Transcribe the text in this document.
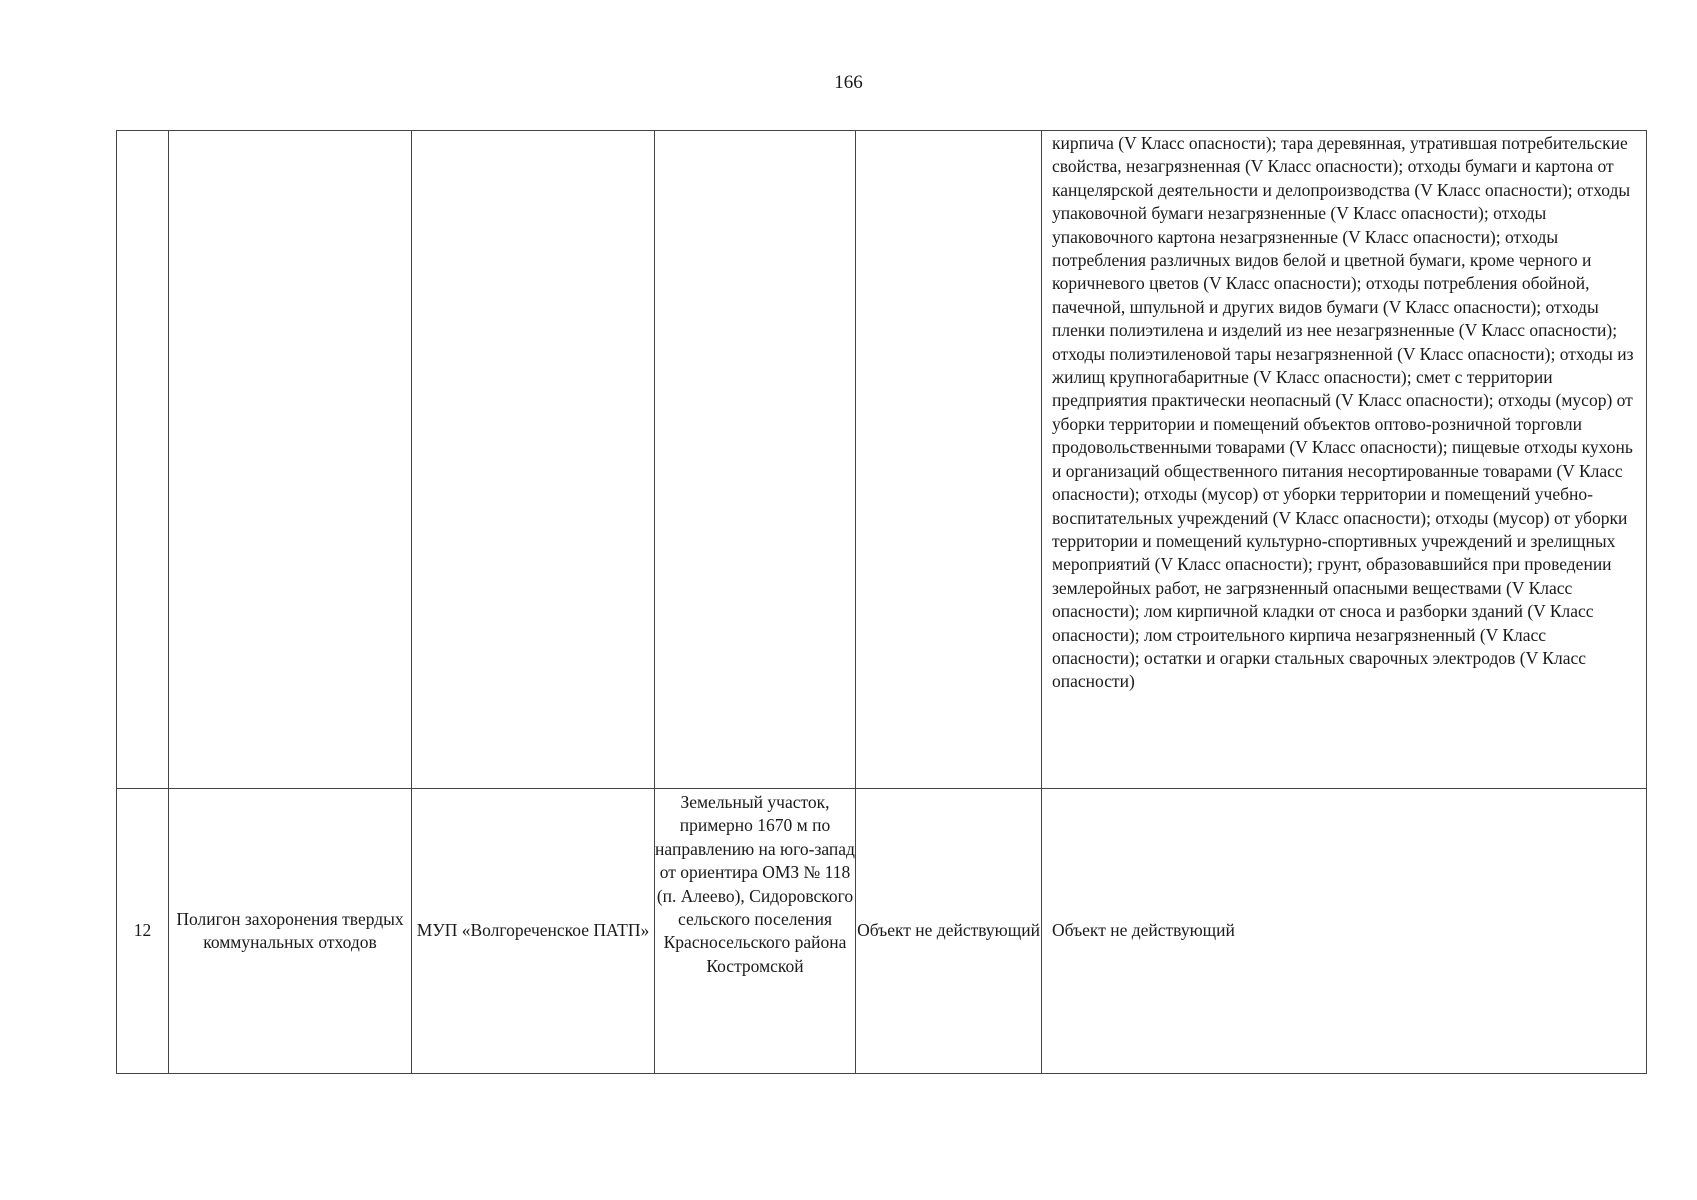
166

					кирпича (V Класс опасности); тара деревянная, утратившая потребительские свойства, незагрязненная (V Класс опасности); отходы бумаги и картона от канцелярской деятельности и делопроизводства (V Класс опасности); отходы упаковочной бумаги незагрязненные (V Класс опасности); отходы упаковочного картона незагрязненные (V Класс опасности); отходы потребления различных видов белой и цветной бумаги, кроме черного и коричневого цветов (V Класс опасности); отходы потребления обойной, пачечной, шпульной и других видов бумаги (V Класс опасности); отходы пленки полиэтилена и изделий из нее незагрязненные (V Класс опасности); отходы полиэтиленовой тары незагрязненной (V Класс опасности); отходы из жилищ крупногабаритные (V Класс опасности); смет с территории предприятия практически неопасный (V Класс опасности); отходы (мусор) от уборки территории и помещений объектов оптово-розничной торговли продовольственными товарами (V Класс опасности); пищевые отходы кухонь и организаций общественного питания несортированные товарами (V Класс опасности); отходы (мусор) от уборки территории и помещений учебно-воспитательных учреждений (V Класс опасности); отходы (мусор) от уборки территории и помещений культурно-спортивных учреждений и зрелищных мероприятий (V Класс опасности); грунт, образовавшийся при проведении землеройных работ, не загрязненный опасными веществами (V Класс опасности); лом кирпичной кладки от сноса и разборки зданий (V Класс опасности); лом строительного кирпича незагрязненный (V Класс опасности); остатки и огарки стальных сварочных электродов (V Класс опасности)

12	Полигон захоронения твердых коммунальных отходов	МУП «Волгореченское ПАТП»	Земельный участок, примерно 1670 м по направлению на юго-запад от ориентира ОМЗ № 118 (п. Алеево), Сидоровского сельского поселения Красносельского района Костромской	Объект не действующий	Объект не действующий
